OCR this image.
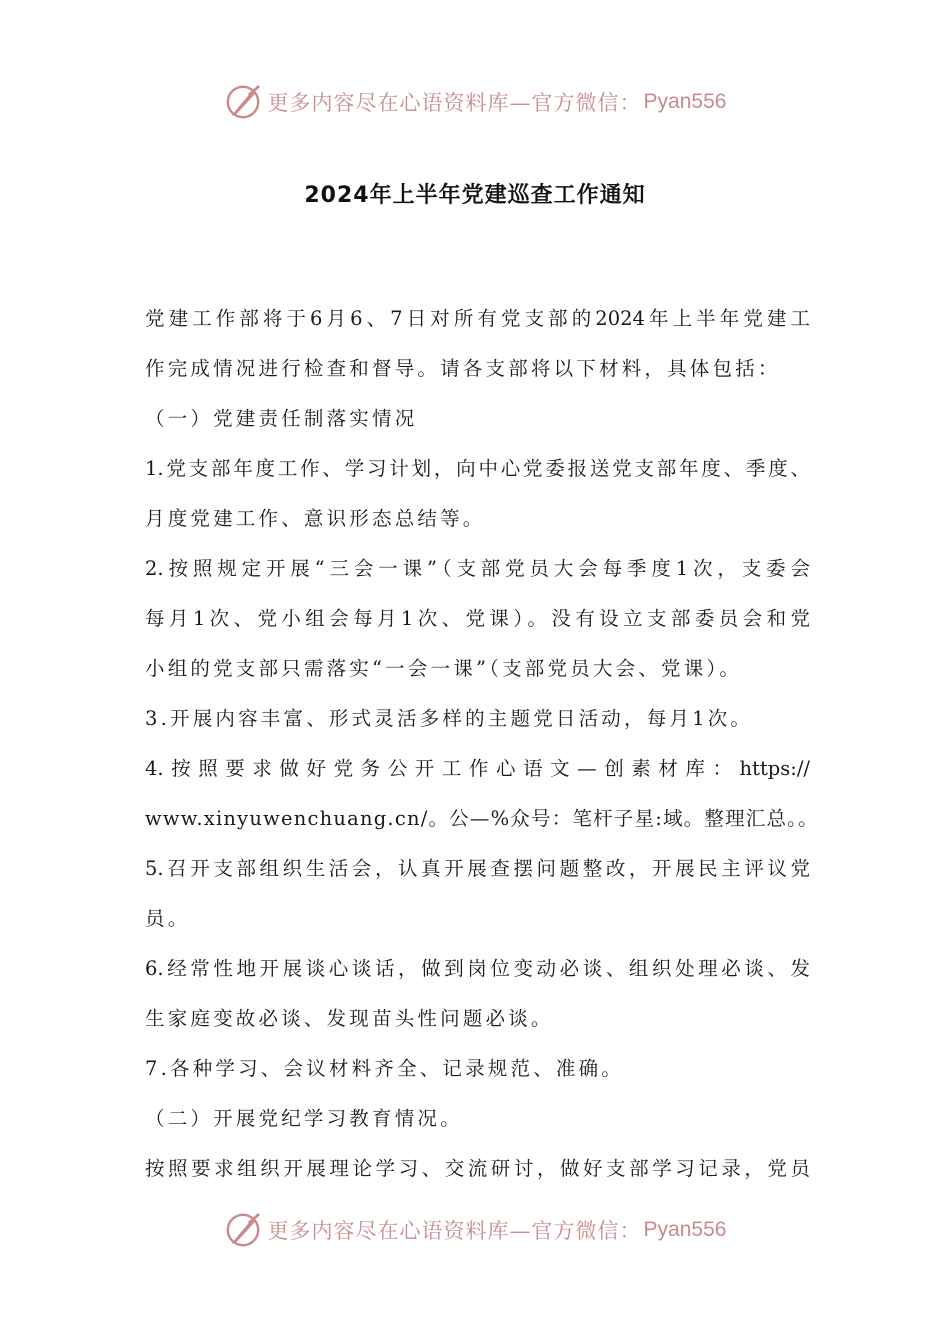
更多内容尽在心语资料库—官方微信： Pyan556
2024年上半年党建巡查工作通知
党建工作部将于6月6、7日对所有党支部的2024年上半年党建工
作完成情况进行检查和督导。请各支部将以下材料，具体包括：
（一）党建责任制落实情况
1.党支部年度工作、学习计划，向中心党委报送党支部年度、季度、
月度党建工作、意识形态总结等。
2.按照规定开展“三会一课”（支部党员大会每季度1次，支委会
每月1次、党小组会每月1次、党课）。没有设立支部委员会和党
小组的党支部只需落实“一会一课”（支部党员大会、党课）。
3.开展内容丰富、形式灵活多样的主题党日活动，每月1次。
4.按照要求做好党务公开工作心语文—创素材库：https://
www.xinyuwenchuang.cn/。公—%众号：笔杆子星:域。整理汇总。。
5.召开支部组织生活会，认真开展查摆问题整改，开展民主评议党
员。
6.经常性地开展谈心谈话，做到岗位变动必谈、组织处理必谈、发
生家庭变故必谈、发现苗头性问题必谈。
7.各种学习、会议材料齐全、记录规范、准确。
（二）开展党纪学习教育情况。
按照要求组织开展理论学习、交流研讨，做好支部学习记录，党员
更多内容尽在心语资料库—官方微信： Pyan556
